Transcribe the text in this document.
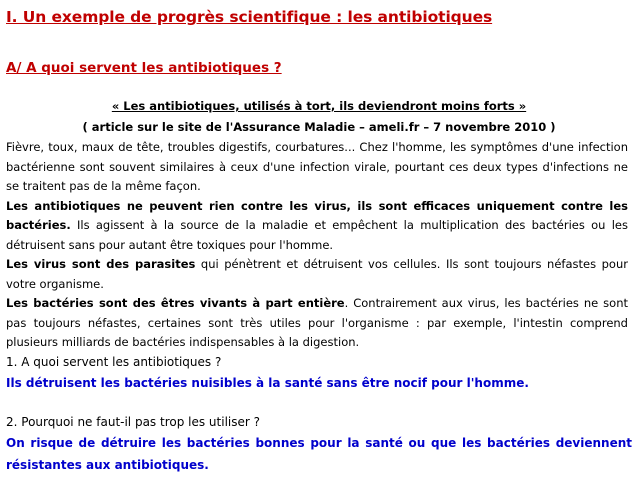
I. Un exemple de progrès scientifique : les antibiotiques
A/ A quoi servent les antibiotiques ?
« Les antibiotiques, utilisés à tort, ils deviendront moins forts »
( article sur le site de l'Assurance Maladie – ameli.fr – 7 novembre 2010 )

Fièvre, toux, maux de tête, troubles digestifs, courbatures... Chez l'homme, les symptômes d'une infection bactérienne sont souvent similaires à ceux d'une infection virale, pourtant ces deux types d'infections ne se traitent pas de la même façon.

Les antibiotiques ne peuvent rien contre les virus, ils sont efficaces uniquement contre les bactéries. Ils agissent à la source de la maladie et empêchent la multiplication des bactéries ou les détruisent sans pour autant être toxiques pour l'homme.

Les virus sont des parasites qui pénètrent et détruisent vos cellules. Ils sont toujours néfastes pour votre organisme.

Les bactéries sont des êtres vivants à part entière. Contrairement aux virus, les bactéries ne sont pas toujours néfastes, certaines sont très utiles pour l'organisme : par exemple, l'intestin comprend plusieurs milliards de bactéries indispensables à la digestion.

1. A quoi servent les antibiotiques ?
Ils détruisent les bactéries nuisibles à la santé sans être nocif pour l'homme.
2. Pourquoi ne faut-il pas trop les utiliser ?
On risque de détruire les bactéries bonnes pour la santé ou que les bactéries deviennent résistantes aux antibiotiques.
